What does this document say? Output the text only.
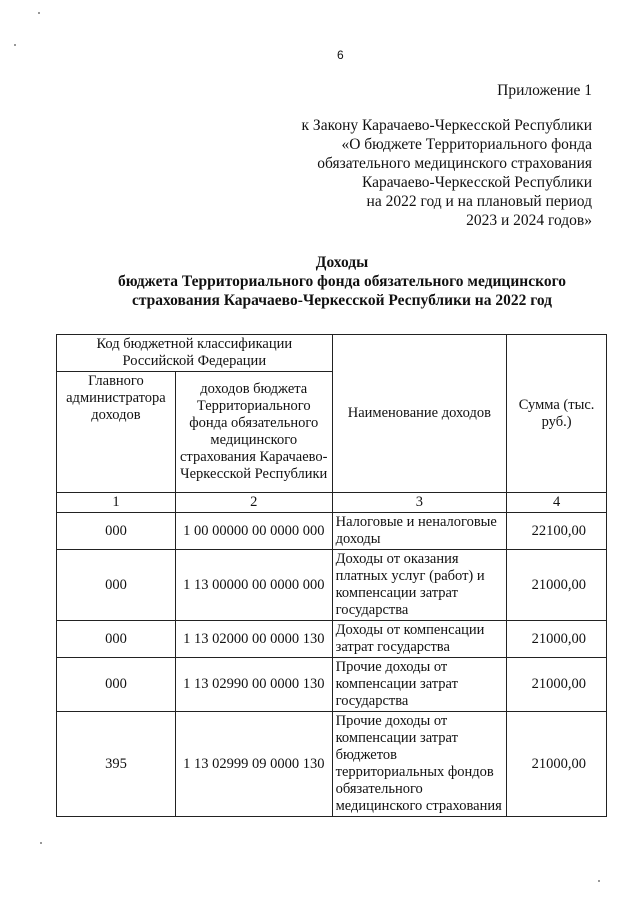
6
Приложение 1
к Закону Карачаево-Черкесской Республики
«О бюджете Территориального фонда
обязательного медицинского страхования
Карачаево-Черкесской Республики
на 2022 год и на плановый период
2023 и 2024 годов»
Доходы
бюджета Территориального фонда обязательного медицинского
страхования Карачаево-Черкесской Республики на 2022 год
Код бюджетной классификации Российской Федерации		Наименование доходов	Сумма (тыс. руб.)
Главного администратора доходов	доходов бюджета Территориального фонда обязательного медицинского страхования Карачаево-Черкесской Республики		
1	2	3	4
000	1 00 00000 00 0000 000	Налоговые и неналоговые доходы	22100,00
000	1 13 00000 00 0000 000	Доходы от оказания платных услуг (работ) и компенсации затрат государства	21000,00
000	1 13 02000 00 0000 130	Доходы от компенсации затрат государства	21000,00
000	1 13 02990 00 0000 130	Прочие доходы от компенсации затрат государства	21000,00
395	1 13 02999 09 0000 130	Прочие доходы от компенсации затрат бюджетов территориальных фондов обязательного медицинского страхования	21000,00
